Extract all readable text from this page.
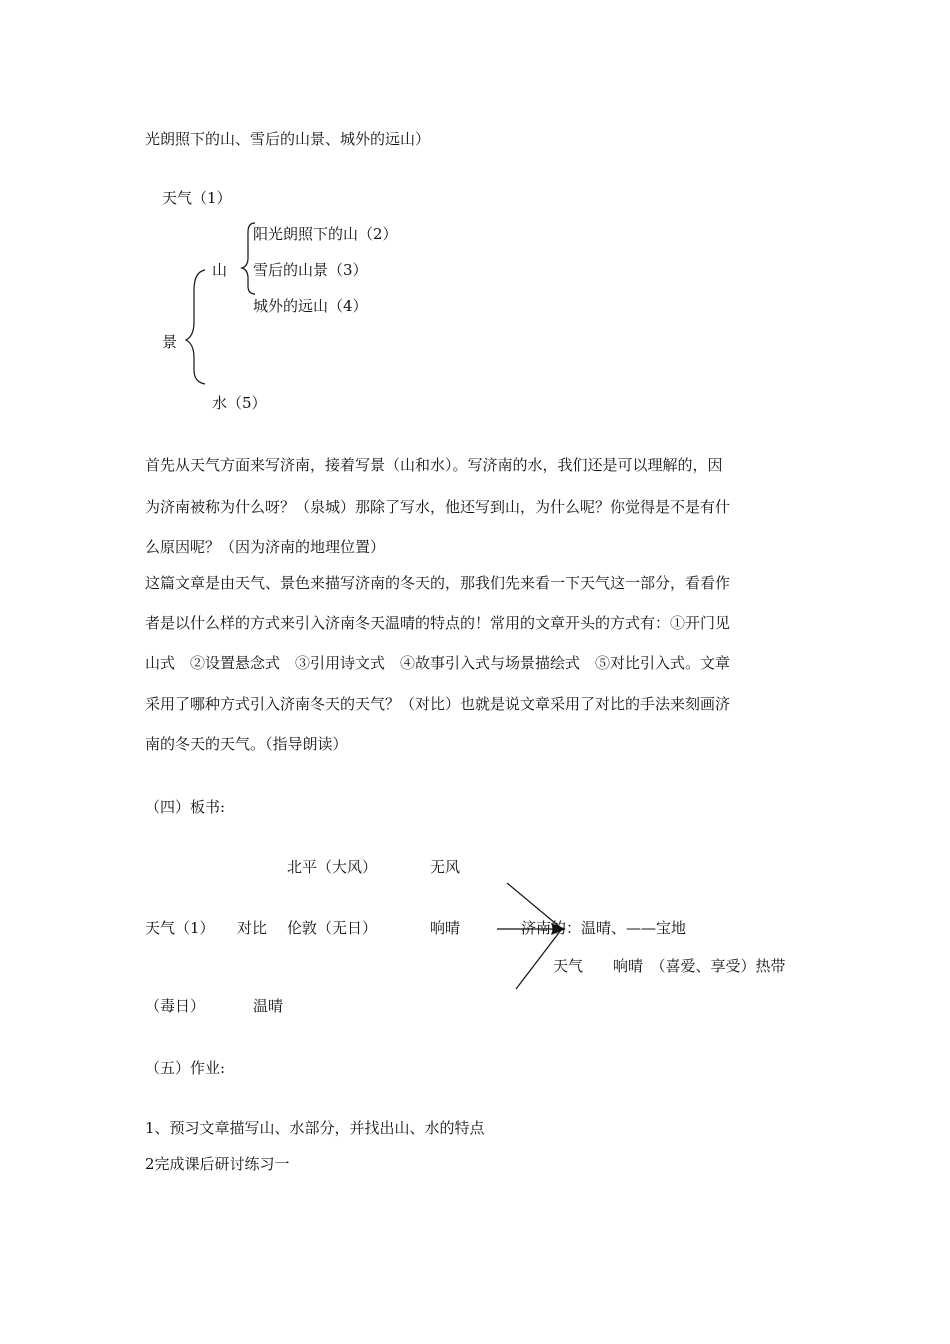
光朗照下的山、雪后的山景、城外的远山）
天气（1）
阳光朗照下的山（2）
山 雪后的山景（3）
城外的远山（4）
景
水（5）
首先从天气方面来写济南，接着写景（山和水）。写济南的水，我们还是可以理解的，因
为济南被称为什么呀？（泉城）那除了写水，他还写到山，为什么呢？你觉得是不是有什
么原因呢？（因为济南的地理位置）
这篇文章是由天气、景色来描写济南的冬天的，那我们先来看一下天气这一部分，看看作
者是以什么样的方式来引入济南冬天温晴的特点的！常用的文章开头的方式有：①开门见
山式　②设置悬念式　③引用诗文式　④故事引入式与场景描绘式　⑤对比引入式。文章
采用了哪种方式引入济南冬天的天气？（对比）也就是说文章采用了对比的手法来刻画济
南的冬天的天气。（指导朗读）
（四）板书:
北平（大风）	无风
天气（1） 对比 伦敦（无日）	响晴	济南的：温晴、——宝地
天气　　响晴　（喜爱、享受）热带
（毒日）	温晴
（五）作业:
1、预习文章描写山、水部分，并找出山、水的特点
2完成课后研讨练习一
